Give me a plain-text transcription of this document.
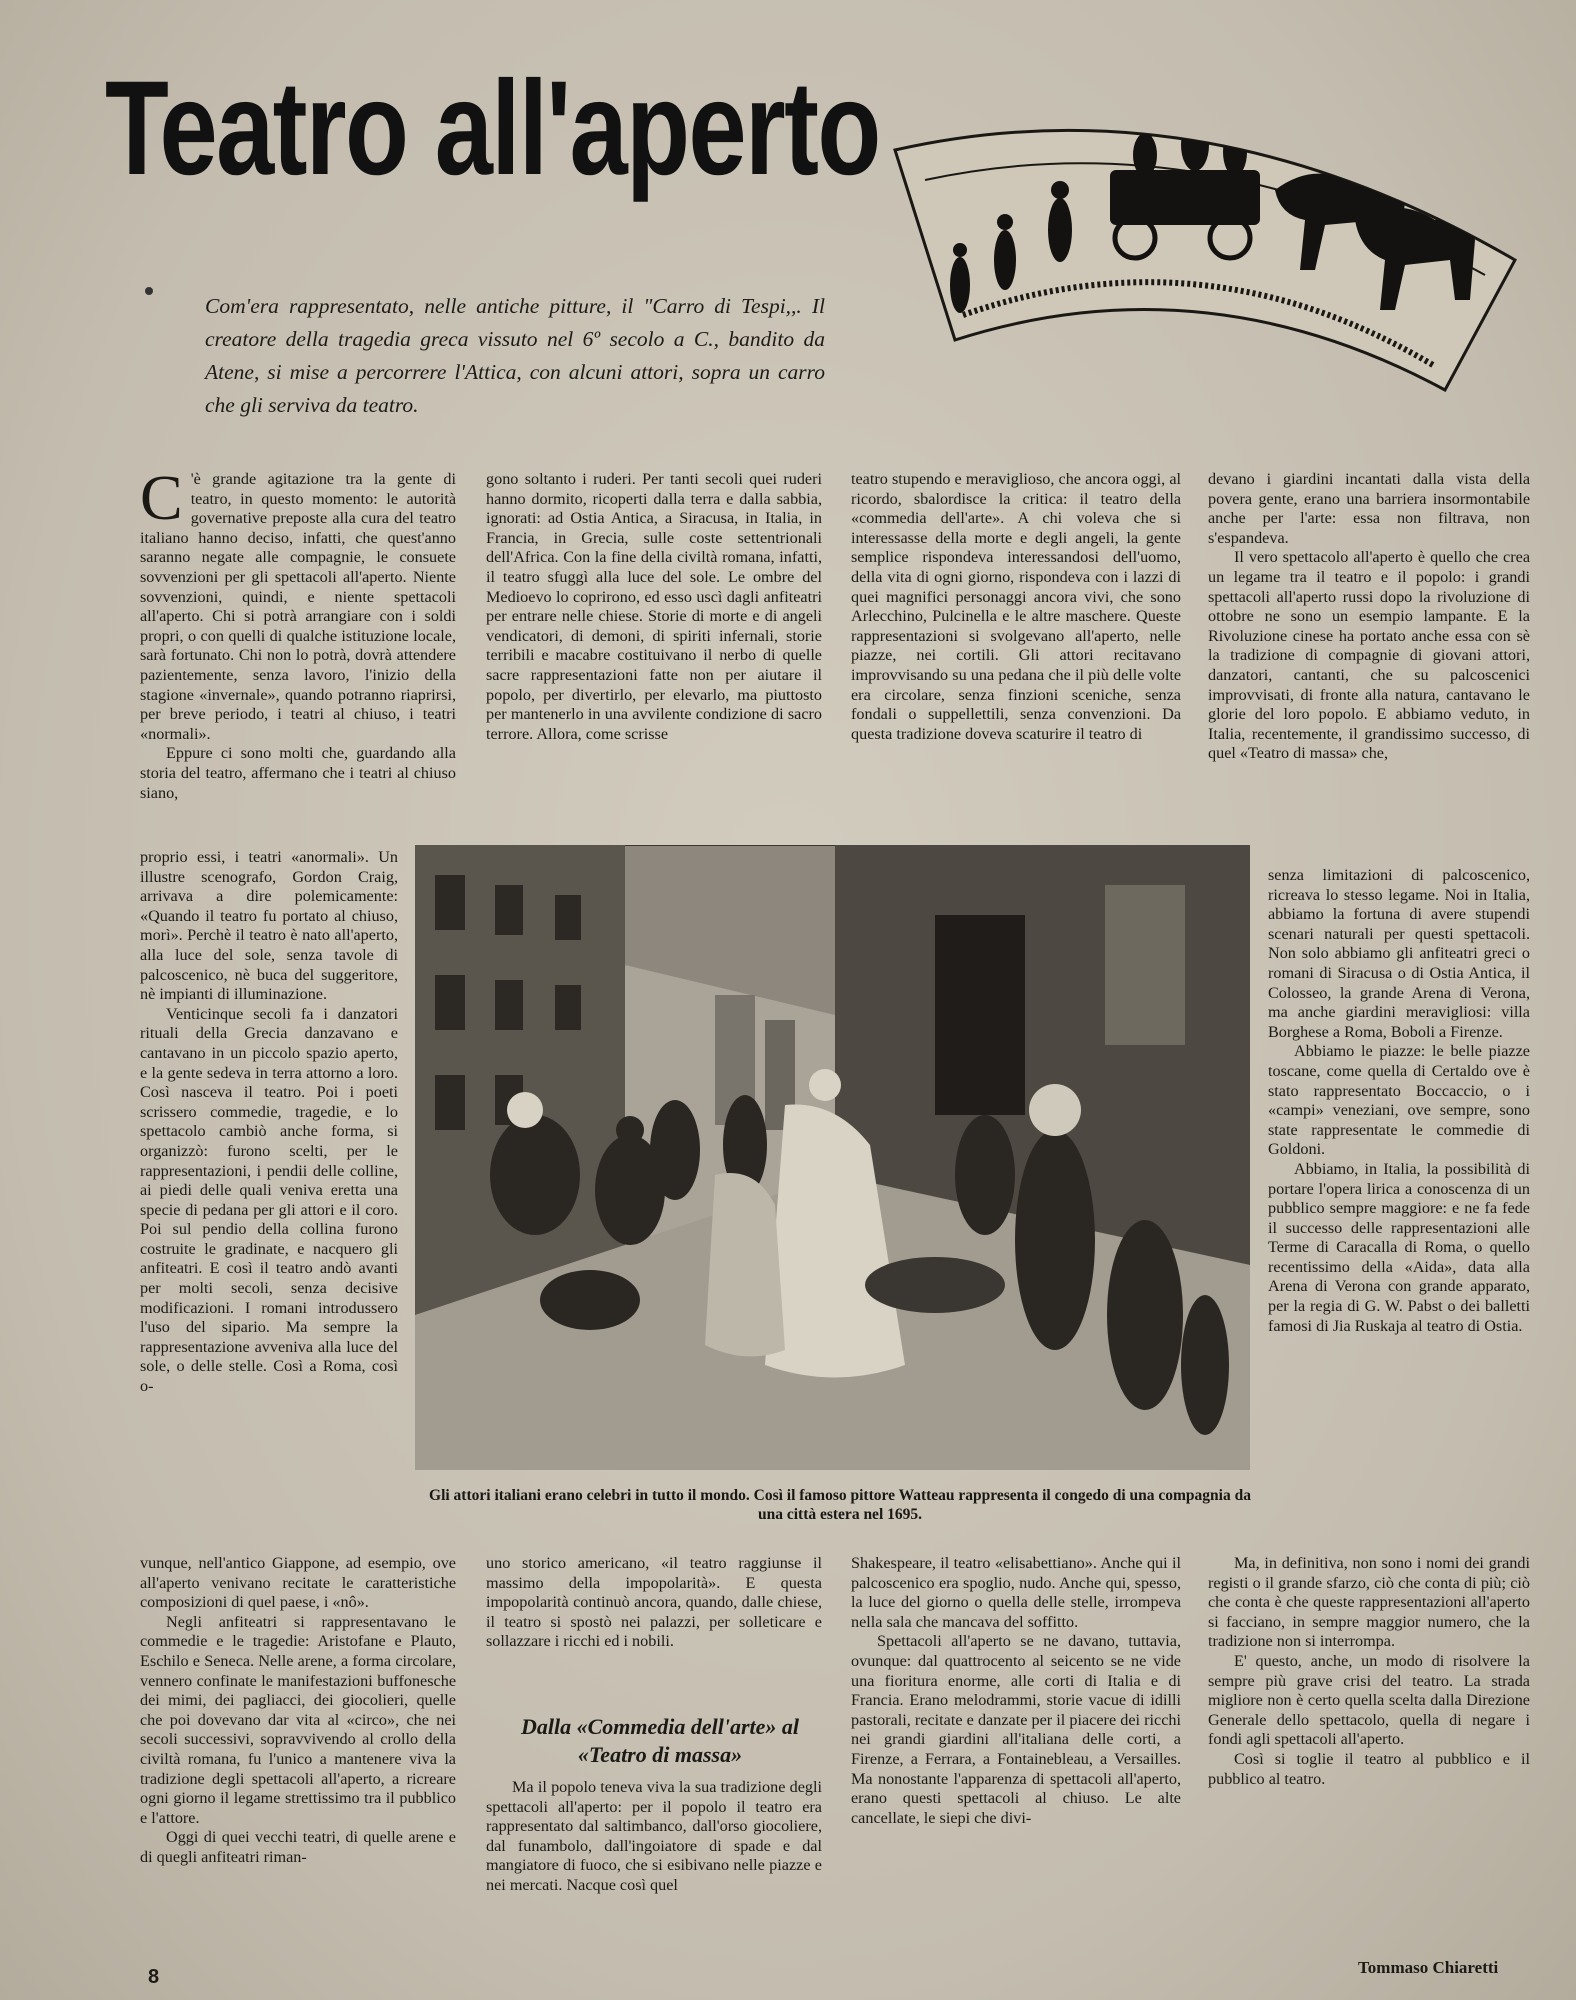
Teatro all'aperto
Com'era rappresentato, nelle antiche pitture, il "Carro di Tespi,,. Il creatore della tragedia greca vissuto nel 6º secolo a C., bandito da Atene, si mise a percorrere l'Attica, con alcuni attori, sopra un carro che gli serviva da teatro.

C 'è grande agitazione tra la gente di teatro, in questo momento: le autorità governative preposte alla cura del teatro italiano hanno deciso, infatti, che quest'anno saranno negate alle compagnie, le consuete sovvenzioni per gli spettacoli all'aperto. Niente sovvenzioni, quindi, e niente spettacoli all'aperto. Chi si potrà arrangiare con i soldi propri, o con quelli di qualche istituzione locale, sarà fortunato. Chi non lo potrà, dovrà attendere pazientemente, senza lavoro, l'inizio della stagione «invernale», quando potranno riaprirsi, per breve periodo, i teatri al chiuso, i teatri «normali».

Eppure ci sono molti che, guardando alla storia del teatro, affermano che i teatri al chiuso siano,

proprio essi, i teatri «anormali». Un illustre scenografo, Gordon Craig, arrivava a dire polemicamente: «Quando il teatro fu portato al chiuso, morì». Perchè il teatro è nato all'aperto, alla luce del sole, senza tavole di palcoscenico, nè buca del suggeritore, nè impianti di illuminazione.

Venticinque secoli fa i danzatori rituali della Grecia danzavano e cantavano in un piccolo spazio aperto, e la gente sedeva in terra attorno a loro. Così nasceva il teatro. Poi i poeti scrissero commedie, tragedie, e lo spettacolo cambiò anche forma, si organizzò: furono scelti, per le rappresentazioni, i pendii delle colline, ai piedi delle quali veniva eretta una specie di pedana per gli attori e il coro. Poi sul pendio della collina furono costruite le gradinate, e nacquero gli anfiteatri. E così il teatro andò avanti per molti secoli, senza decisive modificazioni. I romani introdussero l'uso del sipario. Ma sempre la rappresentazione avveniva alla luce del sole, o delle stelle. Così a Roma, così o-

vunque, nell'antico Giappone, ad esempio, ove all'aperto venivano recitate le caratteristiche composizioni di quel paese, i «nô».

Negli anfiteatri si rappresentavano le commedie e le tragedie: Aristofane e Plauto, Eschilo e Seneca. Nelle arene, a forma circolare, vennero confinate le manifestazioni buffonesche dei mimi, dei pagliacci, dei giocolieri, quelle che poi dovevano dar vita al «circo», che nei secoli successivi, sopravvivendo al crollo della civiltà romana, fu l'unico a mantenere viva la tradizione degli spettacoli all'aperto, a ricreare ogni giorno il legame strettissimo tra il pubblico e l'attore.

Oggi di quei vecchi teatri, di quelle arene e di quegli anfiteatri riman-

gono soltanto i ruderi. Per tanti secoli quei ruderi hanno dormito, ricoperti dalla terra e dalla sabbia, ignorati: ad Ostia Antica, a Siracusa, in Italia, in Francia, in Grecia, sulle coste settentrionali dell'Africa. Con la fine della civiltà romana, infatti, il teatro sfuggì alla luce del sole. Le ombre del Medioevo lo coprirono, ed esso uscì dagli anfiteatri per entrare nelle chiese. Storie di morte e di angeli vendicatori, di demoni, di spiriti infernali, storie terribili e macabre costituivano il nerbo di quelle sacre rappresentazioni fatte non per aiutare il popolo, per divertirlo, per elevarlo, ma piuttosto per mantenerlo in una avvilente condizione di sacro terrore. Allora, come scrisse

uno storico americano, «il teatro raggiunse il massimo della impopolarità». E questa impopolarità continuò ancora, quando, dalle chiese, il teatro si spostò nei palazzi, per solleticare e sollazzare i ricchi ed i nobili.

Dalla «Commedia dell'arte» al «Teatro di massa»

Ma il popolo teneva viva la sua tradizione degli spettacoli all'aperto: per il popolo il teatro era rappresentato dal saltimbanco, dall'orso giocoliere, dal funambolo, dall'ingoiatore di spade e dal mangiatore di fuoco, che si esibivano nelle piazze e nei mercati. Nacque così quel

teatro stupendo e meraviglioso, che ancora oggi, al ricordo, sbalordisce la critica: il teatro della «commedia dell'arte». A chi voleva che si interessasse della morte e degli angeli, la gente semplice rispondeva interessandosi dell'uomo, della vita di ogni giorno, rispondeva con i lazzi di quei magnifici personaggi ancora vivi, che sono Arlecchino, Pulcinella e le altre maschere. Queste rappresentazioni si svolgevano all'aperto, nelle piazze, nei cortili. Gli attori recitavano improvvisando su una pedana che il più delle volte era circolare, senza finzioni sceniche, senza fondali o suppellettili, senza convenzioni. Da questa tradizione doveva scaturire il teatro di

Shakespeare, il teatro «elisabettiano». Anche qui il palcoscenico era spoglio, nudo. Anche qui, spesso, la luce del giorno o quella delle stelle, irrompeva nella sala che mancava del soffitto.

Spettacoli all'aperto se ne davano, tuttavia, ovunque: dal quattrocento al seicento se ne vide una fioritura enorme, alle corti di Italia e di Francia. Erano melodrammi, storie vacue di idilli pastorali, recitate e danzate per il piacere dei ricchi nei grandi giardini all'italiana delle corti, a Firenze, a Ferrara, a Fontainebleau, a Versailles. Ma nonostante l'apparenza di spettacoli all'aperto, erano questi spettacoli al chiuso. Le alte cancellate, le siepi che divi-

devano i giardini incantati dalla vista della povera gente, erano una barriera insormontabile anche per l'arte: essa non filtrava, non s'espandeva.

Il vero spettacolo all'aperto è quello che crea un legame tra il teatro e il popolo: i grandi spettacoli all'aperto russi dopo la rivoluzione di ottobre ne sono un esempio lampante. E la Rivoluzione cinese ha portato anche essa con sè la tradizione di compagnie di giovani attori, danzatori, cantanti, che su palcoscenici improvvisati, di fronte alla natura, cantavano le glorie del loro popolo. E abbiamo veduto, in Italia, recentemente, il grandissimo successo, di quel «Teatro di massa» che,

senza limitazioni di palcoscenico, ricreava lo stesso legame. Noi in Italia, abbiamo la fortuna di avere stupendi scenari naturali per questi spettacoli. Non solo abbiamo gli anfiteatri greci o romani di Siracusa o di Ostia Antica, il Colosseo, la grande Arena di Verona, ma anche giardini meravigliosi: villa Borghese a Roma, Boboli a Firenze.

Abbiamo le piazze: le belle piazze toscane, come quella di Certaldo ove è stato rappresentato Boccaccio, o i «campi» veneziani, ove sempre, sono state rappresentate le commedie di Goldoni.

Abbiamo, in Italia, la possibilità di portare l'opera lirica a conoscenza di un pubblico sempre maggiore: e ne fa fede il successo delle rappresentazioni alle Terme di Caracalla di Roma, o quello recentissimo della «Aida», data alla Arena di Verona con grande apparato, per la regia di G. W. Pabst o dei balletti famosi di Jia Ruskaja al teatro di Ostia.

Ma, in definitiva, non sono i nomi dei grandi registi o il grande sfarzo, ciò che conta di più; ciò che conta è che queste rappresentazioni all'aperto si facciano, in sempre maggior numero, che la tradizione non si interrompa.

E' questo, anche, un modo di risolvere la sempre più grave crisi del teatro. La strada migliore non è certo quella scelta dalla Direzione Generale dello spettacolo, quella di negare i fondi agli spettacoli all'aperto.

Così si toglie il teatro al pubblico e il pubblico al teatro.

Gli attori italiani erano celebri in tutto il mondo. Così il famoso pittore Watteau rappresenta il congedo di una compagnia da una città estera nel 1695.
Tommaso Chiaretti
8
